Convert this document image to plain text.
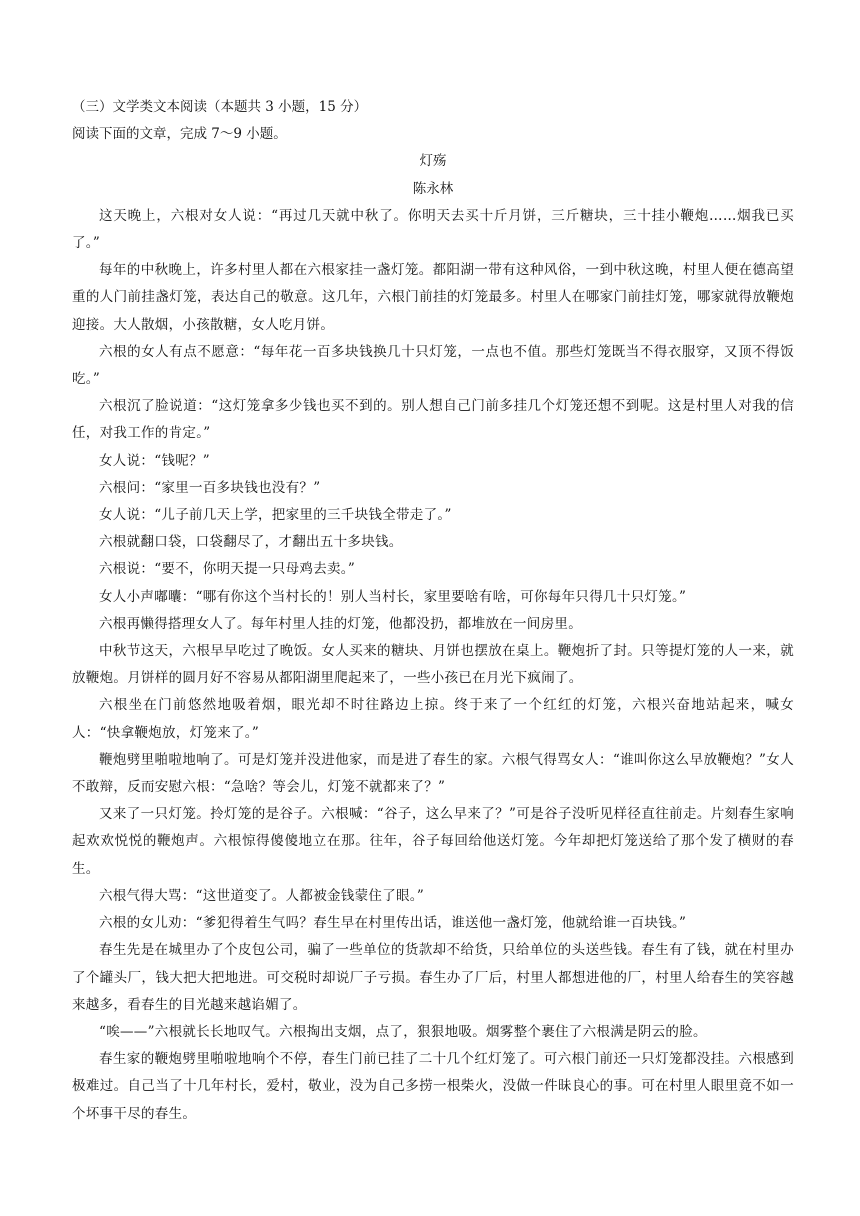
（三）文学类文本阅读（本题共 3 小题，15 分）

阅读下面的文章，完成 7～9 小题。

灯殇

陈永林

这天晚上，六根对女人说：“再过几天就中秋了。你明天去买十斤月饼，三斤糖块，三十挂小鞭炮……烟我已买了。”

每年的中秋晚上，许多村里人都在六根家挂一盏灯笼。都阳湖一带有这种风俗，一到中秋这晚，村里人便在德高望重的人门前挂盏灯笼，表达自己的敬意。这几年，六根门前挂的灯笼最多。村里人在哪家门前挂灯笼，哪家就得放鞭炮迎接。大人散烟，小孩散糖，女人吃月饼。

六根的女人有点不愿意：“每年花一百多块钱换几十只灯笼，一点也不值。那些灯笼既当不得衣服穿，又顶不得饭吃。”

六根沉了脸说道：“这灯笼拿多少钱也买不到的。别人想自己门前多挂几个灯笼还想不到呢。这是村里人对我的信任，对我工作的肯定。”

女人说：“钱呢？”

六根问：“家里一百多块钱也没有？”

女人说：“儿子前几天上学，把家里的三千块钱全带走了。”

六根就翻口袋，口袋翻尽了，才翻出五十多块钱。

六根说：“要不，你明天提一只母鸡去卖。”

女人小声嘟囔：“哪有你这个当村长的！别人当村长，家里要啥有啥，可你每年只得几十只灯笼。”

六根再懒得搭理女人了。每年村里人挂的灯笼，他都没扔，都堆放在一间房里。

中秋节这天，六根早早吃过了晚饭。女人买来的糖块、月饼也摆放在桌上。鞭炮折了封。只等提灯笼的人一来，就放鞭炮。月饼样的圆月好不容易从都阳湖里爬起来了，一些小孩已在月光下疯闹了。

六根坐在门前悠然地吸着烟，眼光却不时往路边上掠。终于来了一个红红的灯笼，六根兴奋地站起来，喊女人：“快拿鞭炮放，灯笼来了。”

鞭炮劈里啪啦地响了。可是灯笼并没进他家，而是进了春生的家。六根气得骂女人：“谁叫你这么早放鞭炮？”女人不敢辩，反而安慰六根：“急啥？等会儿，灯笼不就都来了？”

又来了一只灯笼。拎灯笼的是谷子。六根喊：“谷子，这么早来了？”可是谷子没听见样径直往前走。片刻春生家响起欢欢悦悦的鞭炮声。六根惊得傻傻地立在那。往年，谷子每回给他送灯笼。今年却把灯笼送给了那个发了横财的春生。

六根气得大骂：“这世道变了。人都被金钱蒙住了眼。”

六根的女儿劝：“爹犯得着生气吗？春生早在村里传出话，谁送他一盏灯笼，他就给谁一百块钱。”

春生先是在城里办了个皮包公司，骗了一些单位的货款却不给货，只给单位的头送些钱。春生有了钱，就在村里办了个罐头厂，钱大把大把地进。可交税时却说厂子亏损。春生办了厂后，村里人都想进他的厂，村里人给春生的笑容越来越多，看春生的目光越来越谄媚了。

“唉——”六根就长长地叹气。六根掏出支烟，点了，狠狠地吸。烟雾整个裹住了六根满是阴云的脸。

春生家的鞭炮劈里啪啦地响个不停，春生门前已挂了二十几个红灯笼了。可六根门前还一只灯笼都没挂。六根感到极难过。自己当了十几年村长，爱村，敬业，没为自己多捞一根柴火，没做一件昧良心的事。可在村里人眼里竟不如一个坏事干尽的春生。
